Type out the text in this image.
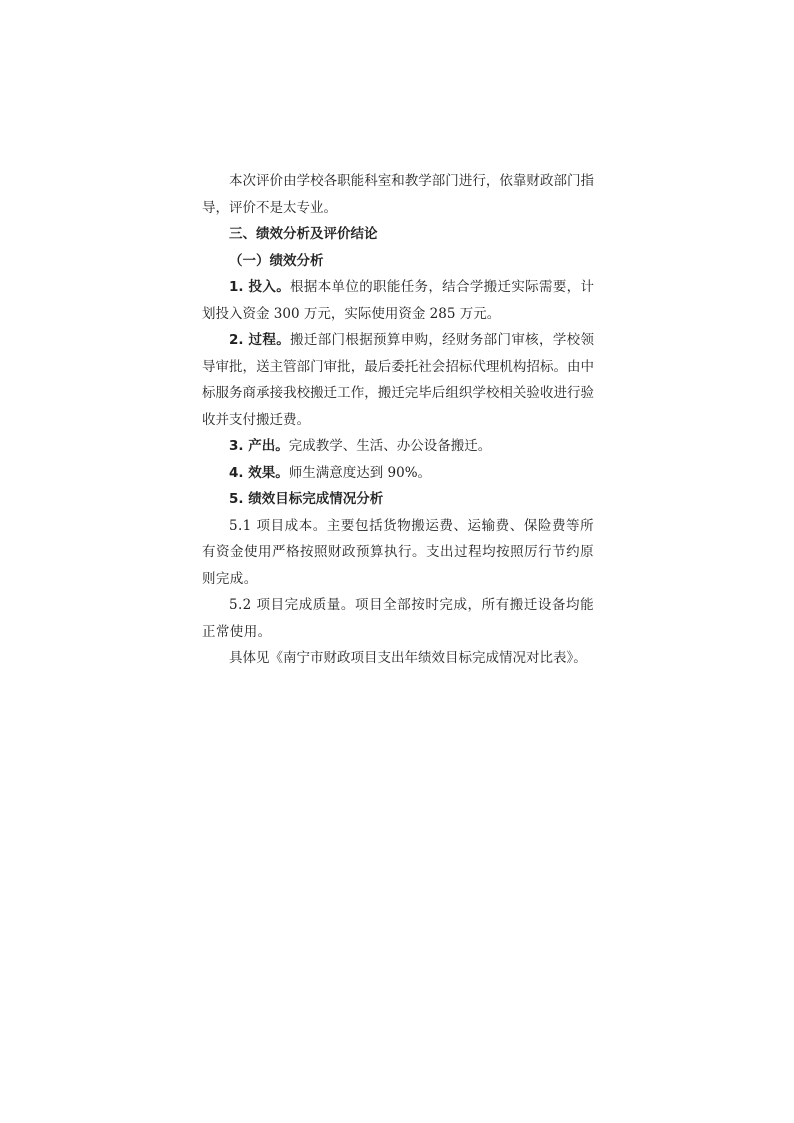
本次评价由学校各职能科室和教学部门进行，依靠财政部门指导，评价不是太专业。

三、绩效分析及评价结论

（一）绩效分析

1. 投入。根据本单位的职能任务，结合学搬迁实际需要，计划投入资金 300 万元，实际使用资金 285 万元。

2. 过程。搬迁部门根据预算申购，经财务部门审核，学校领导审批，送主管部门审批，最后委托社会招标代理机构招标。由中标服务商承接我校搬迁工作，搬迁完毕后组织学校相关验收进行验收并支付搬迁费。

3. 产出。完成教学、生活、办公设备搬迁。

4. 效果。师生满意度达到 90%。

5. 绩效目标完成情况分析

5.1 项目成本。主要包括货物搬运费、运输费、保险费等所有资金使用严格按照财政预算执行。支出过程均按照厉行节约原则完成。

5.2 项目完成质量。项目全部按时完成，所有搬迁设备均能正常使用。

具体见《南宁市财政项目支出年绩效目标完成情况对比表》。
